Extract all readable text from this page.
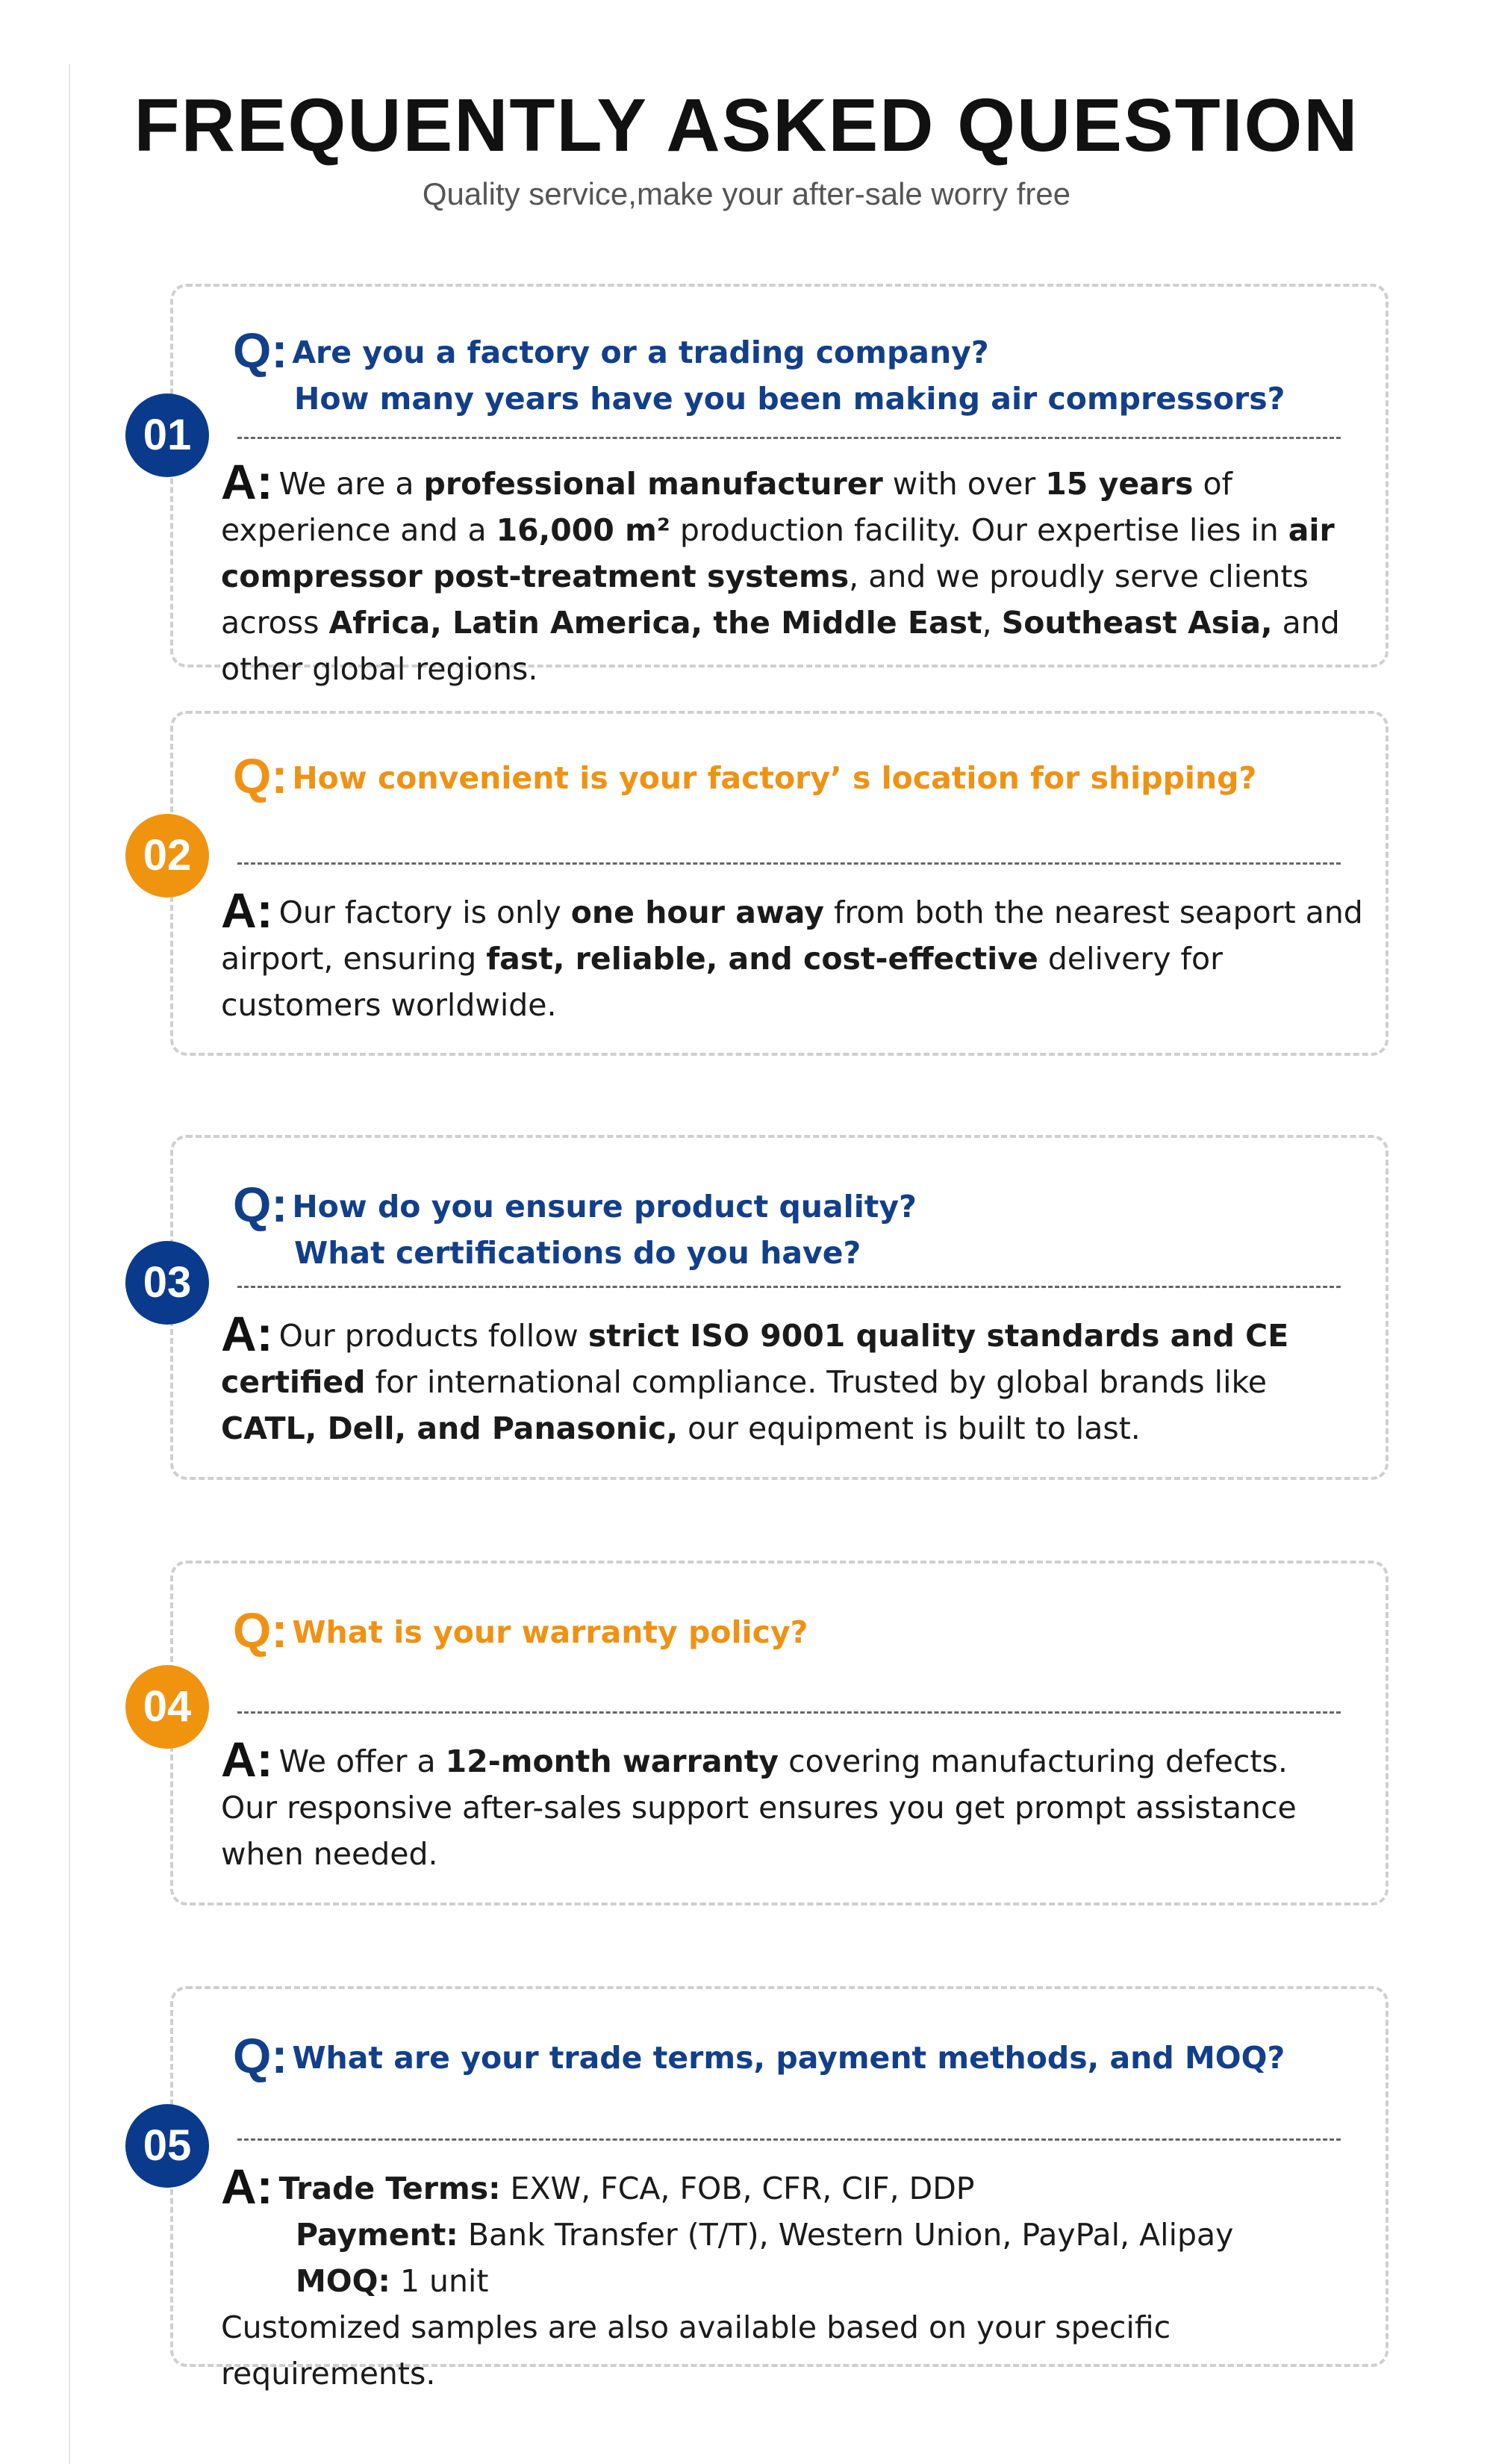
FREQUENTLY ASKED QUESTION
Quality service,make your after-sale worry free
01
Q: Are you a factory or a trading company?
How many years have you been making air compressors?
A: We are a professional manufacturer with over 15 years of experience and a 16,000 m² production facility. Our expertise lies in air compressor post-treatment systems, and we proudly serve clients across Africa, Latin America, the Middle East, Southeast Asia, and other global regions.
02
Q: How convenient is your factory’ s location for shipping?
A: Our factory is only one hour away from both the nearest seaport and airport, ensuring fast, reliable, and cost-effective delivery for customers worldwide.
03
Q: How do you ensure product quality?
What certifications do you have?
A: Our products follow strict ISO 9001 quality standards and CE certified for international compliance. Trusted by global brands like CATL, Dell, and Panasonic, our equipment is built to last.
04
Q: What is your warranty policy?
A: We offer a 12-month warranty covering manufacturing defects.
Our responsive after-sales support ensures you get prompt assistance when needed.
05
Q: What are your trade terms, payment methods, and MOQ?
A: Trade Terms: EXW, FCA, FOB, CFR, CIF, DDP
Payment: Bank Transfer (T/T), Western Union, PayPal, Alipay
MOQ: 1 unit
Customized samples are also available based on your specific requirements.
